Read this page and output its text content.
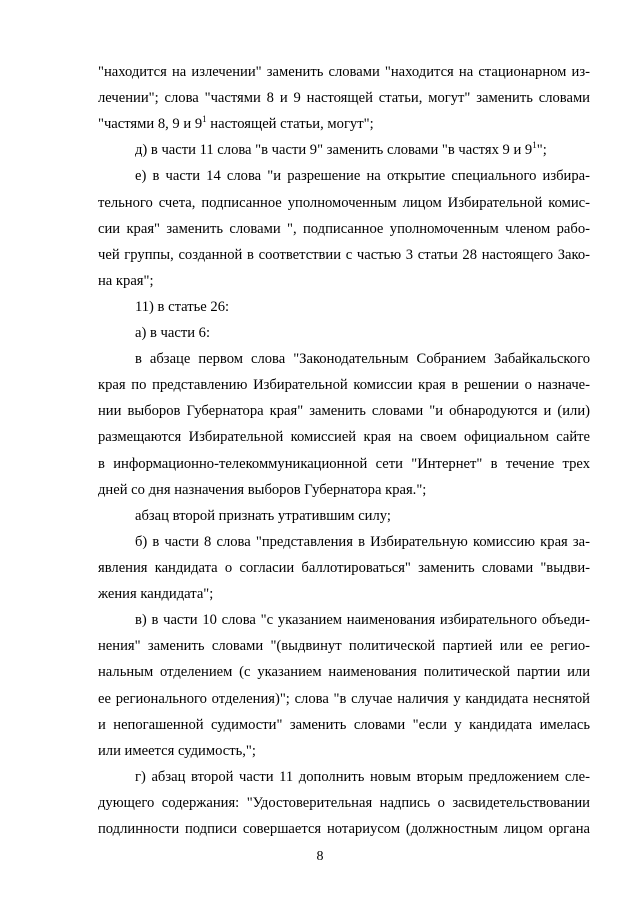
"находится на излечении" заменить словами "находится на стационарном из-
лечении"; слова "частями 8 и 9 настоящей статьи, могут" заменить словами
"частями 8, 9 и $9^1$ настоящей статьи, могут";
д) в части 11 слова "в части 9" заменить словами "в частях 9 и $9^1$";
е) в части 14 слова "и разрешение на открытие специального избира-
тельного счета, подписанное уполномоченным лицом Избирательной комис-
сии края" заменить словами ", подписанное уполномоченным членом рабо-
чей группы, созданной в соответствии с частью 3 статьи 28 настоящего Зако-
на края";
11) в статье 26:
а) в части 6:
в абзаце первом слова "Законодательным Собранием Забайкальского
края по представлению Избирательной комиссии края в решении о назначе-
нии выборов Губернатора края" заменить словами "и обнародуются и (или)
размещаются Избирательной комиссией края на своем официальном сайте
в информационно-телекоммуникационной сети "Интернет" в течение трех
дней со дня назначения выборов Губернатора края.";
абзац второй признать утратившим силу;
б) в части 8 слова "представления в Избирательную комиссию края за-
явления кандидата о согласии баллотироваться" заменить словами "выдви-
жения кандидата";
в) в части 10 слова "с указанием наименования избирательного объеди-
нения" заменить словами "(выдвинут политической партией или ее регио-
нальным отделением (с указанием наименования политической партии или
ее регионального отделения)"; слова "в случае наличия у кандидата неснятой
и непогашенной судимости" заменить словами "если у кандидата имелась
или имеется судимость,";
г) абзац второй части 11 дополнить новым вторым предложением сле-
дующего содержания: "Удостоверительная надпись о засвидетельствовании
подлинности подписи совершается нотариусом (должностным лицом органа
8
